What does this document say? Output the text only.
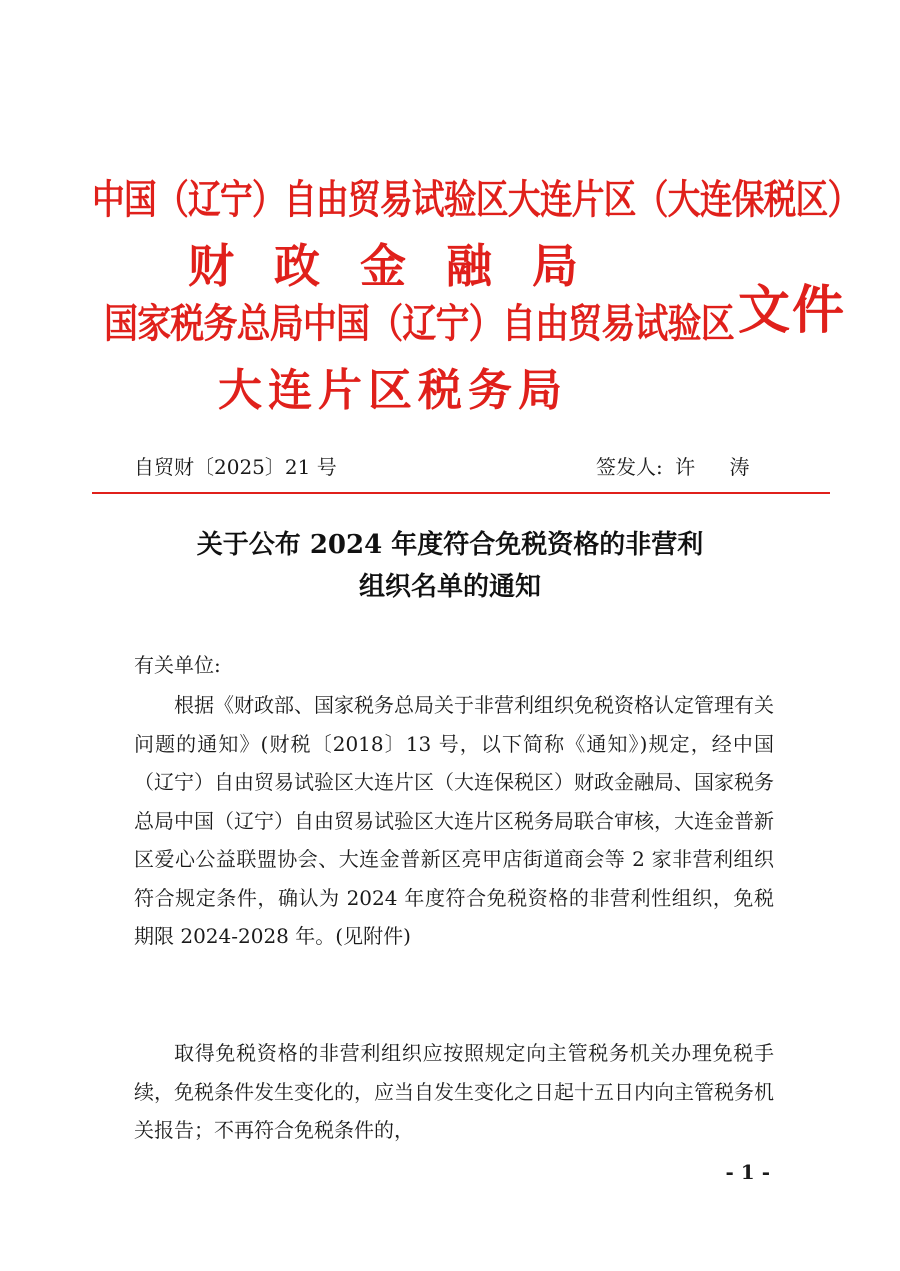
中国（辽宁）自由贸易试验区大连片区（大连保税区）
财政金融局
国家税务总局中国（辽宁）自由贸易试验区
大连片区税务局
文件
自贸财〔2025〕21 号	签发人: 许 涛
关于公布 2024 年度符合免税资格的非营利
组织名单的通知
有关单位:

根据《财政部、国家税务总局关于非营利组织免税资格认定管理有关问题的通知》(财税〔2018〕13 号，以下简称《通知》)规定，经中国（辽宁）自由贸易试验区大连片区（大连保税区）财政金融局、国家税务总局中国（辽宁）自由贸易试验区大连片区税务局联合审核，大连金普新区爱心公益联盟协会、大连金普新区亮甲店街道商会等 2 家非营利组织符合规定条件，确认为 2024 年度符合免税资格的非营利性组织，免税期限 2024-2028 年。(见附件)

取得免税资格的非营利组织应按照规定向主管税务机关办理免税手续，免税条件发生变化的，应当自发生变化之日起十五日内向主管税务机关报告；不再符合免税条件的，

- 1 -
